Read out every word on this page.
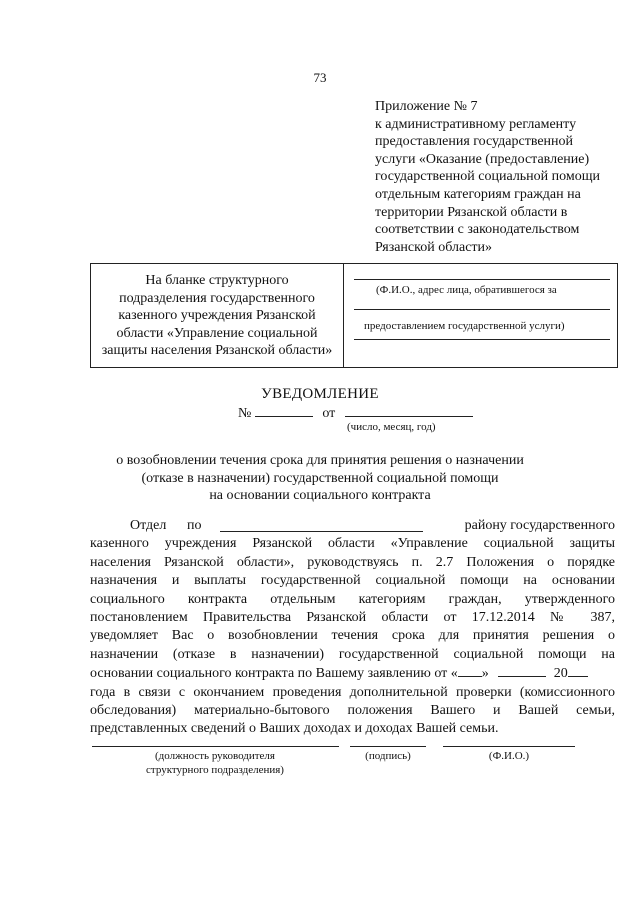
73
Приложение № 7
к административному регламенту
предоставления государственной
услуги «Оказание (предоставление)
государственной социальной помощи
отдельным категориям граждан на
территории Рязанской области в
соответствии с законодательством
Рязанской области»
На бланке структурного
подразделения государственного
казенного учреждения Рязанской
области «Управление социальной
защиты населения Рязанской области»
(Ф.И.О., адрес лица, обратившегося за
предоставлением государственной услуги)
УВЕДОМЛЕНИЕ
№	от
(число, месяц, год)
о возобновлении течения срока для принятия решения о назначении
(отказе в назначении) государственной социальной помощи
на основании социального контракта
Отдел по	району государственного
казенного учреждения Рязанской области «Управление социальной защиты
населения Рязанской области», руководствуясь п. 2.7 Положения о порядке
назначения и выплаты государственной социальной помощи на основании
социального контракта отдельным категориям граждан, утвержденного
постановлением Правительства Рязанской области от 17.12.2014 № 387,
уведомляет Вас о возобновлении течения срока для принятия решения о
назначении (отказе в назначении) государственной социальной помощи на
основании социального контракта по Вашему заявлению от « »	20
года в связи с окончанием проведения дополнительной проверки (комиссионного
обследования) материально-бытового положения Вашего и Вашей семьи,
представленных сведений о Ваших доходах и доходах Вашей семьи.
(должность руководителя
структурного подразделения)
(подпись)	(Ф.И.О.)
